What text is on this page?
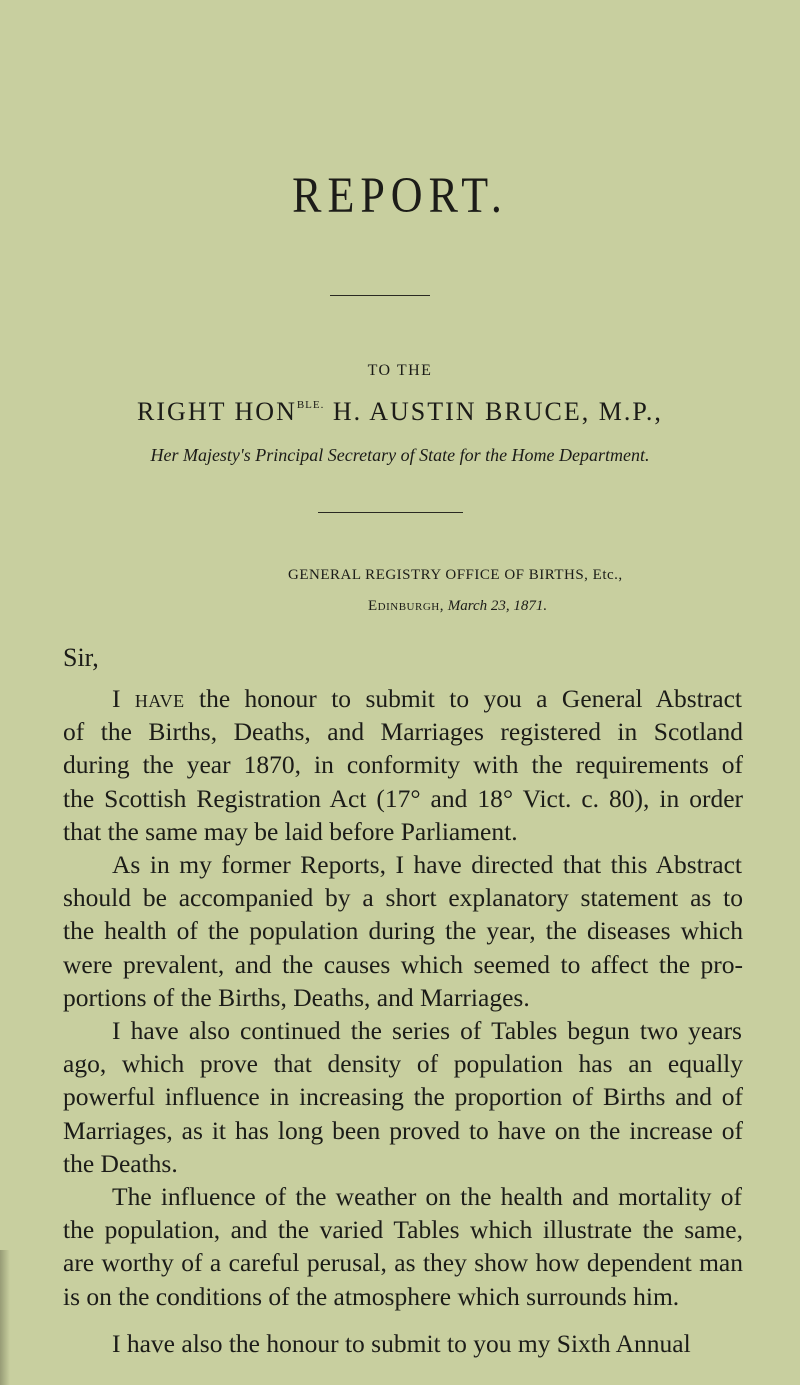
REPORT.
TO THE
RIGHT $HON^{BLE.}$ H. AUSTIN BRUCE, M.P.,
Her Majesty's Principal Secretary of State for the Home Department.
GENERAL REGISTRY OFFICE OF BIRTHS, Etc.,
Edinburgh, March 23, 1871.
Sir,
I have the honour to submit to you a General Abstract
of the Births, Deaths, and Marriages registered in Scotland
during the year 1870, in conformity with the requirements of
the Scottish Registration Act (17° and 18° Vict. c. 80), in order
that the same may be laid before Parliament.
As in my former Reports, I have directed that this Abstract
should be accompanied by a short explanatory statement as to
the health of the population during the year, the diseases which
were prevalent, and the causes which seemed to affect the pro-
portions of the Births, Deaths, and Marriages.
I have also continued the series of Tables begun two years
ago, which prove that density of population has an equally
powerful influence in increasing the proportion of Births and of
Marriages, as it has long been proved to have on the increase of
the Deaths.
The influence of the weather on the health and mortality of
the population, and the varied Tables which illustrate the same,
are worthy of a careful perusal, as they show how dependent man
is on the conditions of the atmosphere which surrounds him.
I have also the honour to submit to you my Sixth Annual
